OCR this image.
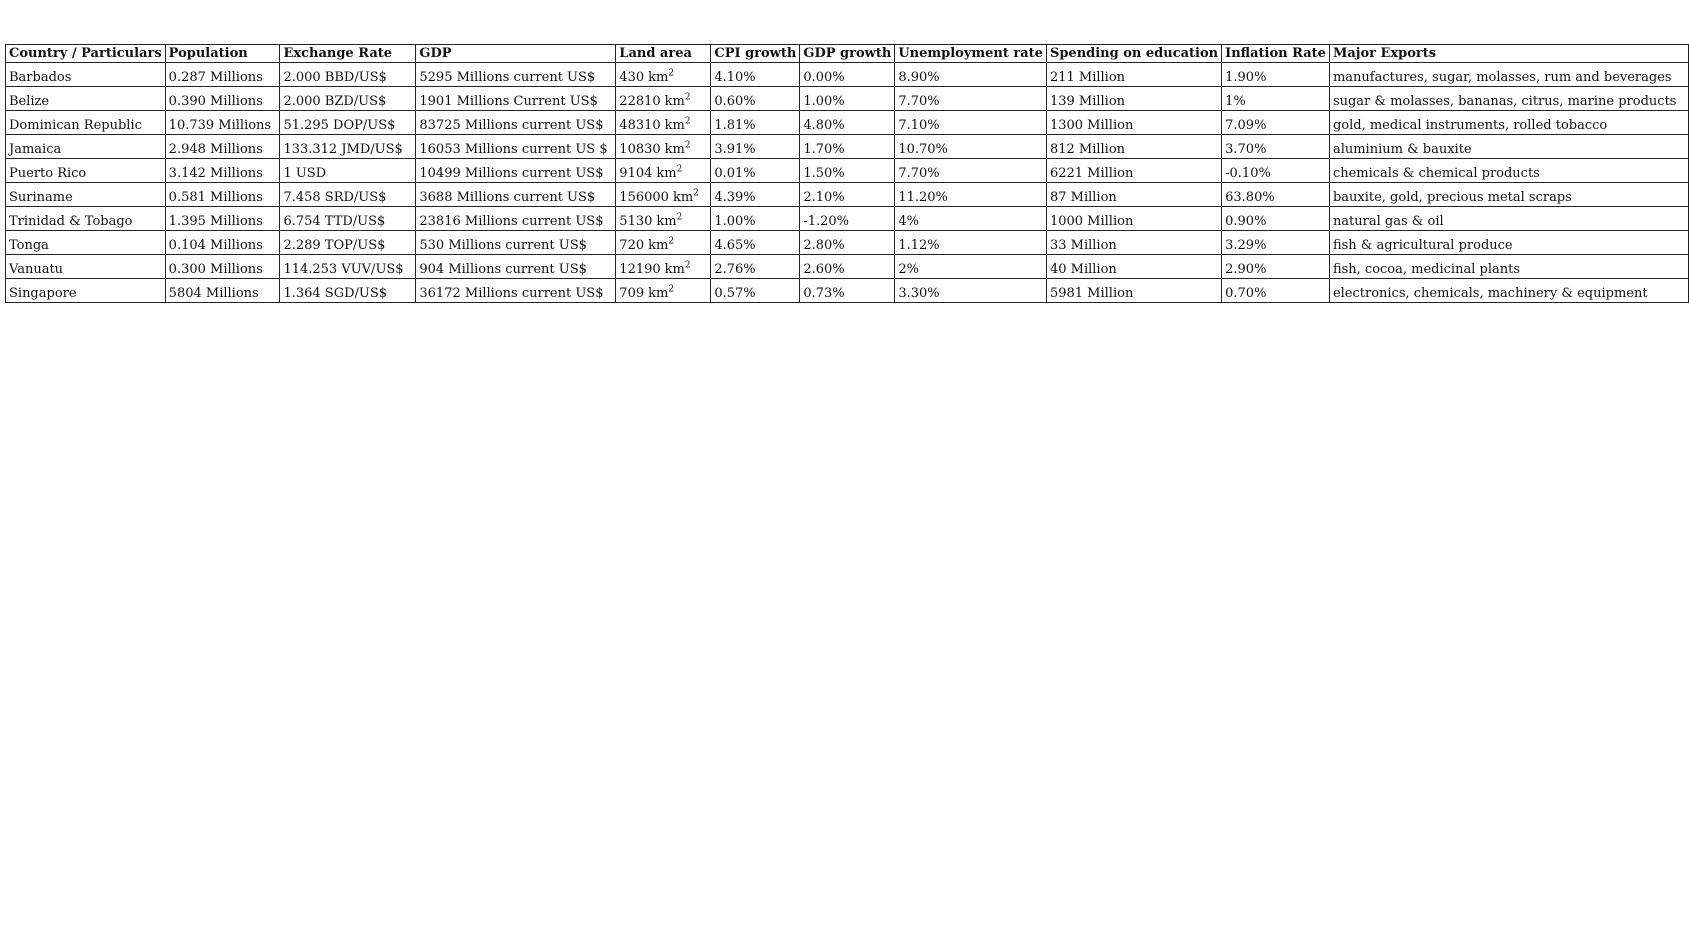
Country / Particulars	Population	Exchange Rate	GDP	Land area	CPI growth	GDP growth	Unemployment rate	Spending on education	Inflation Rate	Major Exports
Barbados	0.287 Millions	2.000 BBD/US$	5295 Millions current US$	430 $km^2$	4.10%	0.00%	8.90%	211 Million	1.90%	manufactures, sugar, molasses, rum and beverages
Belize	0.390 Millions	2.000 BZD/US$	1901 Millions Current US$	22810 $km^2$	0.60%	1.00%	7.70%	139 Million	1%	sugar & molasses, bananas, citrus, marine products
Dominican Republic	10.739 Millions	51.295 DOP/US$	83725 Millions current US$	48310 $km^2$	1.81%	4.80%	7.10%	1300 Million	7.09%	gold, medical instruments, rolled tobacco
Jamaica	2.948 Millions	133.312 JMD/US$	16053 Millions current US $	10830 $km^2$	3.91%	1.70%	10.70%	812 Million	3.70%	aluminium & bauxite
Puerto Rico	3.142 Millions	1 USD	10499 Millions current US$	9104 $km^2$	0.01%	1.50%	7.70%	6221 Million	-0.10%	chemicals & chemical products
Suriname	0.581 Millions	7.458 SRD/US$	3688 Millions current US$	156000 $km^2$	4.39%	2.10%	11.20%	87 Million	63.80%	bauxite, gold, precious metal scraps
Trinidad & Tobago	1.395 Millions	6.754 TTD/US$	23816 Millions current US$	5130 $km^2$	1.00%	-1.20%	4%	1000 Million	0.90%	natural gas & oil
Tonga	0.104 Millions	2.289 TOP/US$	530 Millions current US$	720 $km^2$	4.65%	2.80%	1.12%	33 Million	3.29%	fish & agricultural produce
Vanuatu	0.300 Millions	114.253 VUV/US$	904 Millions current US$	12190 $km^2$	2.76%	2.60%	2%	40 Million	2.90%	fish, cocoa, medicinal plants
Singapore	5804 Millions	1.364 SGD/US$	36172 Millions current US$	709 $km^2$	0.57%	0.73%	3.30%	5981 Million	0.70%	electronics, chemicals, machinery & equipment
